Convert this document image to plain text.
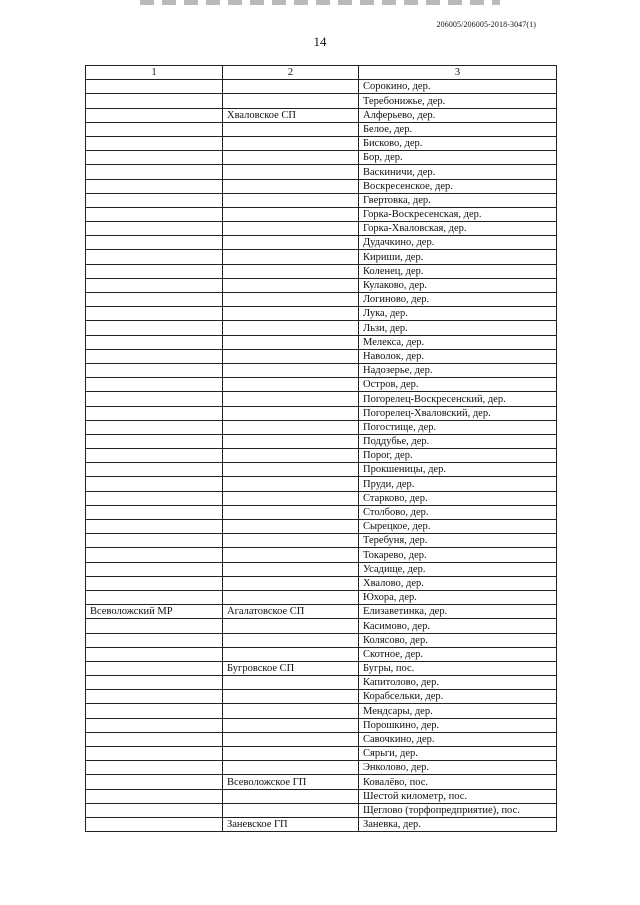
206005/206005-2018-3047(1)
14
1	2	3
		Сорокино, дер.
		Теребонижье, дер.
	Хваловское СП	Алферьево, дер.
		Белое, дер.
		Бисково, дер.
		Бор, дер.
		Васкиничи, дер.
		Воскресенское, дер.
		Гвертовка, дер.
		Горка-Воскресенская, дер.
		Горка-Хваловская, дер.
		Дудачкино, дер.
		Кириши, дер.
		Коленец, дер.
		Кулаково, дер.
		Логиново, дер.
		Лука, дер.
		Льзи, дер.
		Мелекса, дер.
		Наволок, дер.
		Надозерье, дер.
		Остров, дер.
		Погорелец-Воскресенский, дер.
		Погорелец-Хваловский, дер.
		Погостище, дер.
		Поддубье, дер.
		Порог, дер.
		Прокшеницы, дер.
		Пруди, дер.
		Старково, дер.
		Столбово, дер.
		Сырецкое, дер.
		Теребуня, дер.
		Токарево, дер.
		Усадище, дер.
		Хвалово, дер.
		Юхора, дер.
Всеволожский МР	Агалатовское СП	Елизаветинка, дер.
		Касимово, дер.
		Колясово, дер.
		Скотное, дер.
	Бугровское СП	Бугры, пос.
		Капитолово, дер.
		Корабсельки, дер.
		Мендсары, дер.
		Порошкино, дер.
		Савочкино, дер.
		Сярьги, дер.
		Энколово, дер.
	Всеволожское ГП	Ковалёво, пос.
		Шестой километр, пос.
		Щеглово (торфопредприятие), пос.
	Заневское ГП	Заневка, дер.
